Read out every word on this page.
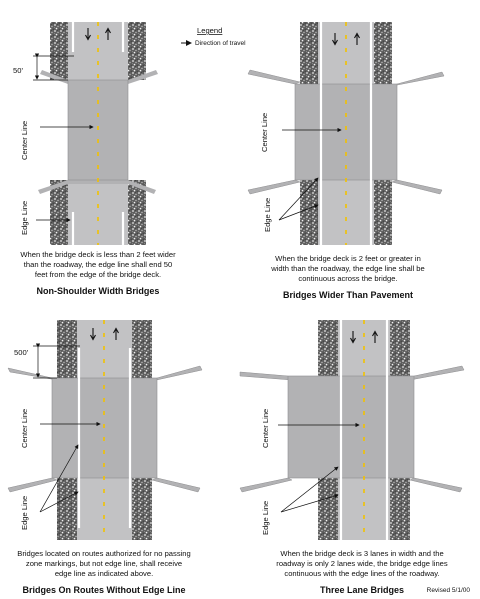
50'
Center Line
Edge Line
When the bridge deck is less than 2 feet wider
than the roadway, the edge line shall end 50
feet from the edge of the bridge deck.
Non-Shoulder Width Bridges
Legend
Direction of travel
Center Line
Edge Line
When the bridge deck is 2 feet or greater in
width than the roadway, the edge line shall be
continuous across the bridge.
Bridges Wider Than Pavement
500'
Center Line
Edge Line
Bridges located on routes authorized for no passing
zone markings, but not edge line, shall receive
edge line as indicated above.
Bridges On Routes Without Edge Line
Center Line
Edge Line
When the bridge deck is 3 lanes in width and the
roadway is only 2 lanes wide, the bridge edge lines
continuous with the edge lines of the roadway.
Three Lane Bridges	Revised 5/1/00
